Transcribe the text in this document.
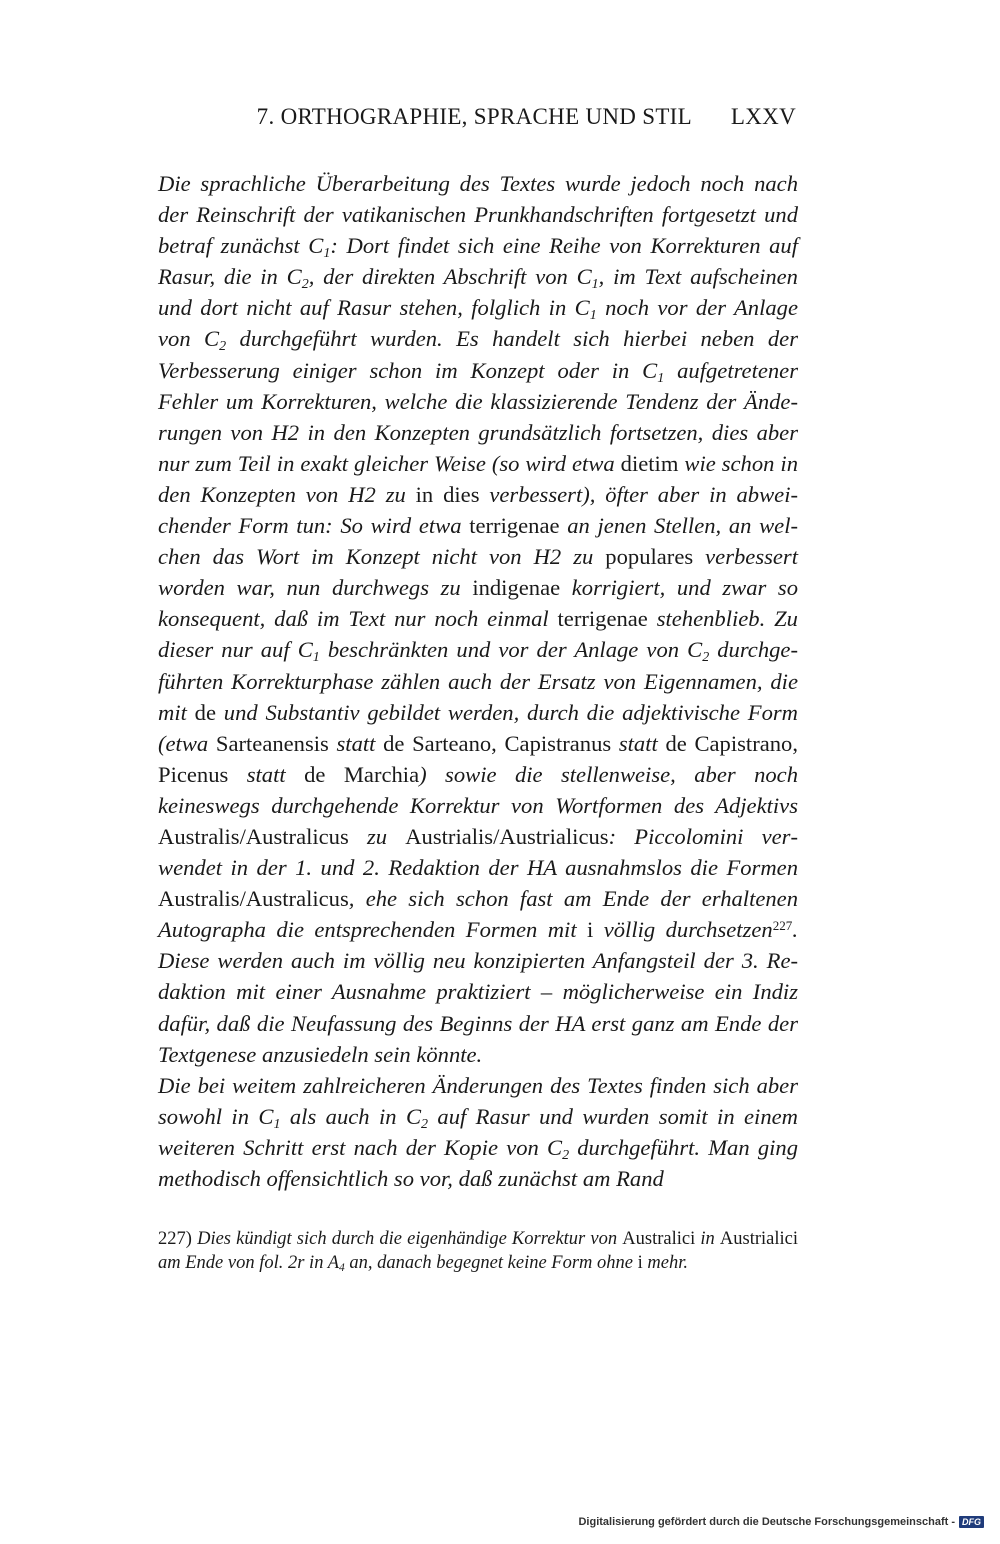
7. ORTHOGRAPHIE, SPRACHE UND STIL LXXV

Die sprachliche Überarbeitung des Textes wurde jedoch noch nach der Reinschrift der vatikanischen Prunkhandschriften fortgesetzt und betraf zunächst $C_1$: Dort findet sich eine Reihe von Korrekturen auf Rasur, die in $C_2$, der direkten Abschrift von $C_1$, im Text aufscheinen und dort nicht auf Rasur stehen, folglich in $C_1$ noch vor der Anlage von $C_2$ durchgeführt wurden. Es handelt sich hierbei neben der Verbesserung einiger schon im Konzept oder in $C_1$ aufgetretener Fehler um Korrekturen, welche die klassizierende Tendenz der Änderungen von H2 in den Konzepten grundsätzlich fortsetzen, dies aber nur zum Teil in exakt gleicher Weise (so wird etwa dietim wie schon in den Konzepten von H2 zu in dies verbessert), öfter aber in abweichender Form tun: So wird etwa terrigenae an jenen Stellen, an welchen das Wort im Konzept nicht von H2 zu populares verbessert worden war, nun durchwegs zu indigenae korrigiert, und zwar so konsequent, daß im Text nur noch einmal terrigenae stehenblieb. Zu dieser nur auf $C_1$ beschränkten und vor der Anlage von $C_2$ durchgeführten Korrekturphase zählen auch der Ersatz von Eigennamen, die mit de und Substantiv gebildet werden, durch die adjektivische Form (etwa Sarteanensis statt de Sarteano, Capistranus statt de Capistrano, Picenus statt de Marchia) sowie die stellenweise, aber noch keineswegs durchgehende Korrektur von Wortformen des Adjektivs Australis/Australicus zu Austrialis/Austrialicus: Piccolomini verwendet in der 1. und 2. Redaktion der HA ausnahmslos die Formen Australis/Australicus, ehe sich schon fast am Ende der erhaltenen Autographa die entsprechenden Formen mit i völlig durchsetzen$^{227}$. Diese werden auch im völlig neu konzipierten Anfangsteil der 3. Redaktion mit einer Ausnahme praktiziert – möglicherweise ein Indiz dafür, daß die Neufassung des Beginns der HA erst ganz am Ende der Textgenese anzusiedeln sein könnte.

Die bei weitem zahlreicheren Änderungen des Textes finden sich aber sowohl in $C_1$ als auch in $C_2$ auf Rasur und wurden somit in einem weiteren Schritt erst nach der Kopie von $C_2$ durchgeführt. Man ging methodisch offensichtlich so vor, daß zunächst am Rand

227) Dies kündigt sich durch die eigenhändige Korrektur von Australici in Austrialici am Ende von fol. 2r in $A_4$ an, danach begegnet keine Form ohne i mehr.

Digitalisierung gefördert durch die Deutsche Forschungsgemeinschaft - DFG
